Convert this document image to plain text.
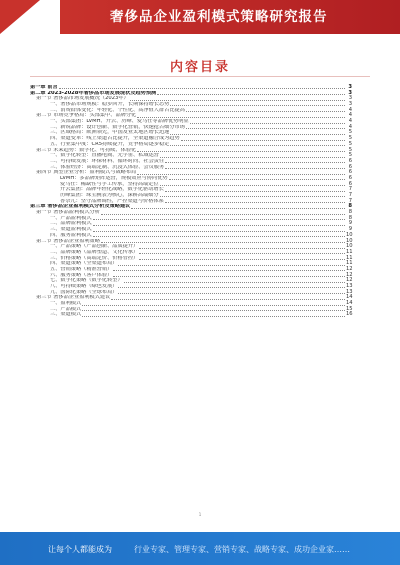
奢侈品企业盈利模式策略研究报告
内容目录
第一章 前言	3
第二章 2023-2028年奢侈品市场发展现状及趋势预测	3
第一节 奢侈品市场发展概况（2023年）	3
一、奢侈品市场规模：稳步回升，长期保持增长态势	3
二、消费群体变化：年轻化、个性化、高净值人群占比提高	4
第二节 市场竞争格局：头部集中、品牌分化	4
一、头部集团：LVMH、开云、历峰、爱马仕等品牌优势明显	4
二、新锐品牌：设计创新、数字化营销，快速抢占细分市场	4
三、区域格局：欧洲领先，中国及亚太地区增长迅速	5
四、渠道变革：线上渠道占比提升，全渠道融合成为趋势	5
五、行业集中度：CR5持续提升，竞争格局逐步稳定	5
第三节 未来趋势：数字化、可持续、体验化	5
一、数字化转型：直播电商、元宇宙、私域运营	5
二、可持续发展：环保材料、循环时尚、社会责任	6
三、体验经济：高端定制、沉浸式体验、会员服务	6
第四节 典型企业分析：盈利模式与战略布局	6
LVMH：多品牌矩阵运营，规模效应与协同优势	6
爱马仕：稀缺性与手工传承，坚持高端定位	6
开云集团：品牌年轻化战略，数字化驱动增长	7
历峰集团：珠宝腕表为核心，深耕高端细分	7
香奈儿：坚守品牌调性，严控渠道与价格体系	7
第三章 奢侈品企业盈利模式分析及策略建议	8
第一节 奢侈品盈利模式分析	8
一、产品盈利模式	8
二、品牌盈利模式	9
三、渠道盈利模式	9
四、服务盈利模式	10
第二节 奢侈品企业盈利策略	10
一、产品策略（产品创新、品质提升）	10
二、品牌策略（品牌塑造、文化传承）	11
三、价格策略（高端定价、价格管控）	11
四、渠道策略（全渠道布局）	11
五、营销策略（精准营销）	12
六、服务策略（客户体验）	12
七、数字化策略（数字化转型）	12
八、可持续策略（绿色发展）	13
九、国际化策略（全球布局）	13
第三节 奢侈品企业盈利模式建议	14
一、盈利模式	14
二、产品模式	15
三、渠道模式	16
1
让每个人都能成为	行业专家、管理专家、营销专家、战略专家、成功企业家……
